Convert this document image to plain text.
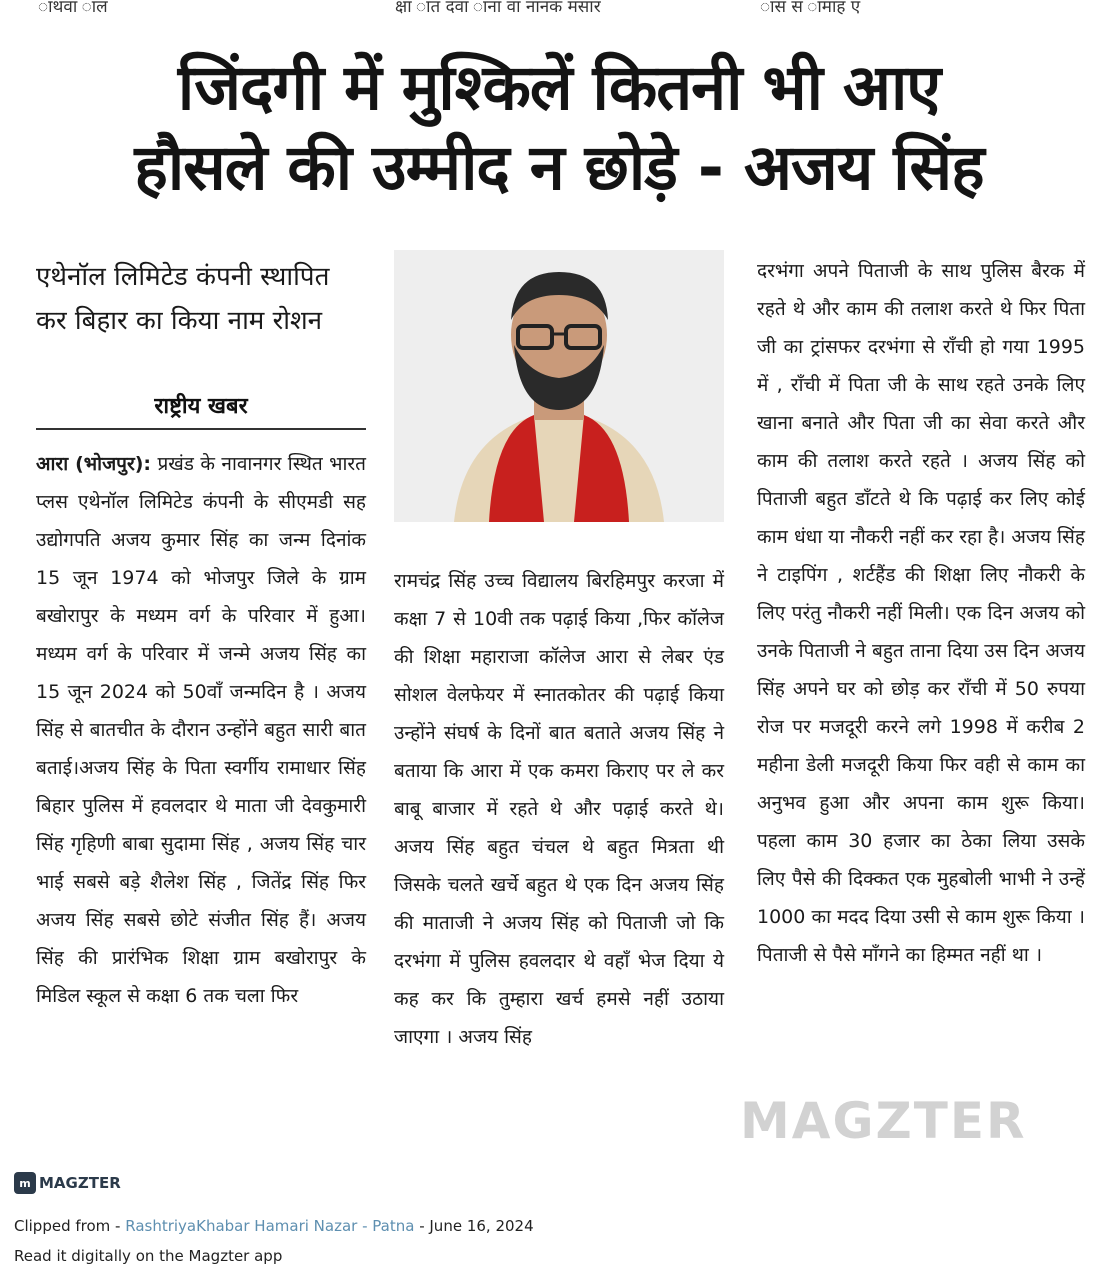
ाथवा ाल	क्षा ात दवा ाना वा नानक मसार	ास स ामाह ए
जिंदगी में मुश्किलें कितनी भी आए
हौसले की उम्मीद न छोड़े - अजय सिंह
एथेनॉल लिमिटेड कंपनी स्थापित कर बिहार का किया नाम रोशन
राष्ट्रीय खबर

आरा (भोजपुर): प्रखंड के नावानगर स्थित भारत प्लस एथेनॉल लिमिटेड कंपनी के सीएमडी सह उद्योगपति अजय कुमार सिंह का जन्म दिनांक 15 जून 1974 को भोजपुर जिले के ग्राम बखोरापुर के मध्यम वर्ग के परिवार में हुआ। मध्यम वर्ग के परिवार में जन्मे अजय सिंह का 15 जून 2024 को 50वाँ जन्मदिन है । अजय सिंह से बातचीत के दौरान उन्होंने बहुत सारी बात बताई।अजय सिंह के पिता स्वर्गीय रामाधार सिंह बिहार पुलिस में हवलदार थे माता जी देवकुमारी सिंह गृहिणी बाबा सुदामा सिंह , अजय सिंह चार भाई सबसे बड़े शैलेश सिंह , जितेंद्र सिंह फिर अजय सिंह सबसे छोटे संजीत सिंह हैं। अजय सिंह की प्रारंभिक शिक्षा ग्राम बखोरापुर के मिडिल स्कूल से कक्षा 6 तक चला फिर

रामचंद्र सिंह उच्च विद्यालय बिरहिमपुर करजा में कक्षा 7 से 10वी तक पढ़ाई किया ,फिर कॉलेज की शिक्षा महाराजा कॉलेज आरा से लेबर एंड सोशल वेलफेयर में स्नातकोतर की पढ़ाई किया उन्होंने संघर्ष के दिनों बात बताते अजय सिंह ने बताया कि आरा में एक कमरा किराए पर ले कर बाबू बाजार में रहते थे और पढ़ाई करते थे। अजय सिंह बहुत चंचल थे बहुत मित्रता थी जिसके चलते खर्चे बहुत थे एक दिन अजय सिंह की माताजी ने अजय सिंह को पिताजी जो कि दरभंगा में पुलिस हवलदार थे वहाँ भेज दिया ये कह कर कि तुम्हारा खर्च हमसे नहीं उठाया जाएगा । अजय सिंह

दरभंगा अपने पिताजी के साथ पुलिस बैरक में रहते थे और काम की तलाश करते थे फिर पिता जी का ट्रांसफर दरभंगा से राँची हो गया 1995 में , राँची में पिता जी के साथ रहते उनके लिए खाना बनाते और पिता जी का सेवा करते और काम की तलाश करते रहते । अजय सिंह को पिताजी बहुत डाँटते थे कि पढ़ाई कर लिए कोई काम धंधा या नौकरी नहीं कर रहा है। अजय सिंह ने टाइपिंग , शर्टहैंड की शिक्षा लिए नौकरी के लिए परंतु नौकरी नहीं मिली। एक दिन अजय को उनके पिताजी ने बहुत ताना दिया उस दिन अजय सिंह अपने घर को छोड़ कर राँची में 50 रुपया रोज पर मजदूरी करने लगे 1998 में करीब 2 महीना डेली मजदूरी किया फिर वही से काम का अनुभव हुआ और अपना काम शुरू किया। पहला काम 30 हजार का ठेका लिया उसके लिए पैसे की दिक्कत एक मुहबोली भाभी ने उन्हें 1000 का मदद दिया उसी से काम शुरू किया । पिताजी से पैसे माँगने का हिम्मत नहीं था ।

MAGZTER
m MAGZTER
Clipped from - RashtriyaKhabar Hamari Nazar - Patna - June 16, 2024
Read it digitally on the Magzter app
